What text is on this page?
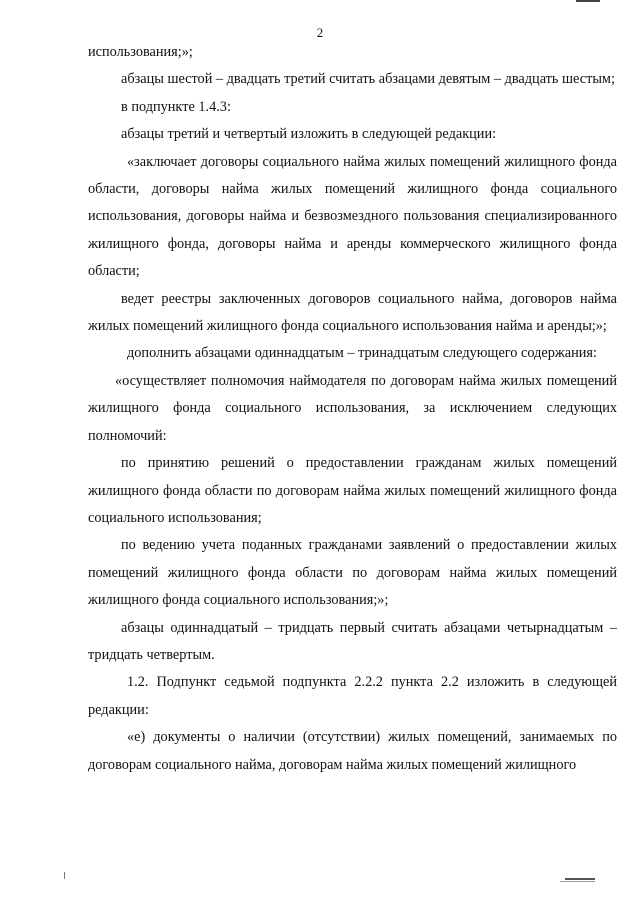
2

использования;»;

абзацы шестой – двадцать третий считать абзацами девятым – двадцать шестым;

в подпункте 1.4.3:

абзацы третий и четвертый изложить в следующей редакции:

«заключает договоры социального найма жилых помещений жилищного фонда области, договоры найма жилых помещений жилищного фонда социального использования, договоры найма и безвозмездного пользования специализированного жилищного фонда, договоры найма и аренды коммерческого жилищного фонда области;

ведет реестры заключенных договоров социального найма, договоров найма жилых помещений жилищного фонда социального использования найма и аренды;»;

дополнить абзацами одиннадцатым – тринадцатым следующего содержания:

«осуществляет полномочия наймодателя по договорам найма жилых помещений жилищного фонда социального использования, за исключением следующих полномочий:

по принятию решений о предоставлении гражданам жилых помещений жилищного фонда области по договорам найма жилых помещений жилищного фонда социального использования;

по ведению учета поданных гражданами заявлений о предоставлении жилых помещений жилищного фонда области по договорам найма жилых помещений жилищного фонда социального использования;»;

абзацы одиннадцатый – тридцать первый считать абзацами четырнадцатым – тридцать четвертым.

1.2. Подпункт седьмой подпункта 2.2.2 пункта 2.2 изложить в следующей редакции:

«е) документы о наличии (отсутствии) жилых помещений, занимаемых по договорам социального найма, договорам найма жилых помещений жилищного
